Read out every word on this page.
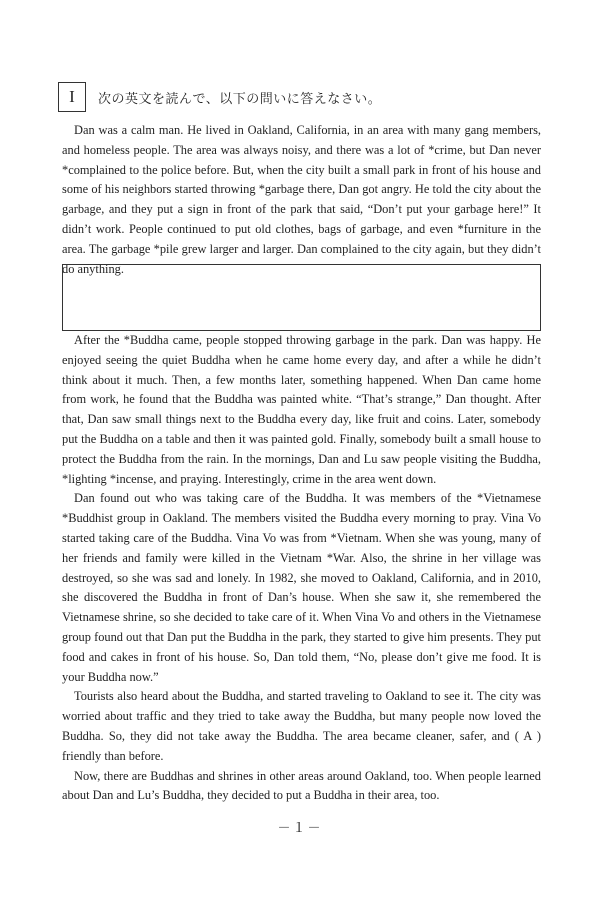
I	次の英文を読んで、以下の問いに答えなさい。

Dan was a calm man. He lived in Oakland, California, in an area with many gang members, and homeless people. The area was always noisy, and there was a lot of *crime, but Dan never *complained to the police before. But, when the city built a small park in front of his house and some of his neighbors started throwing *garbage there, Dan got angry. He told the city about the garbage, and they put a sign in front of the park that said, “Don’t put your garbage here!” It didn’t work. People continued to put old clothes, bags of garbage, and even *furniture in the area. The garbage *pile grew larger and larger. Dan complained to the city again, but they didn’t do anything.

After the *Buddha came, people stopped throwing garbage in the park. Dan was happy. He enjoyed seeing the quiet Buddha when he came home every day, and after a while he didn’t think about it much. Then, a few months later, something happened. When Dan came home from work, he found that the Buddha was painted white. “That’s strange,” Dan thought. After that, Dan saw small things next to the Buddha every day, like fruit and coins. Later, somebody put the Buddha on a table and then it was painted gold. Finally, somebody built a small house to protect the Buddha from the rain. In the mornings, Dan and Lu saw people visiting the Buddha, *lighting *incense, and praying. Interestingly, crime in the area went down.

Dan found out who was taking care of the Buddha. It was members of the *Vietnamese *Buddhist group in Oakland. The members visited the Buddha every morning to pray. Vina Vo started taking care of the Buddha. Vina Vo was from *Vietnam. When she was young, many of her friends and family were killed in the Vietnam *War. Also, the shrine in her village was destroyed, so she was sad and lonely. In 1982, she moved to Oakland, California, and in 2010, she discovered the Buddha in front of Dan’s house. When she saw it, she remembered the Vietnamese shrine, so she decided to take care of it. When Vina Vo and others in the Vietnamese group found out that Dan put the Buddha in the park, they started to give him presents. They put food and cakes in front of his house. So, Dan told them, “No, please don’t give me food. It is your Buddha now.”

Tourists also heard about the Buddha, and started traveling to Oakland to see it. The city was worried about traffic and they tried to take away the Buddha, but many people now loved the Buddha. So, they did not take away the Buddha. The area became cleaner, safer, and ( A ) friendly than before.

Now, there are Buddhas and shrines in other areas around Oakland, too. When people learned about Dan and Lu’s Buddha, they decided to put a Buddha in their area, too.

－１－
